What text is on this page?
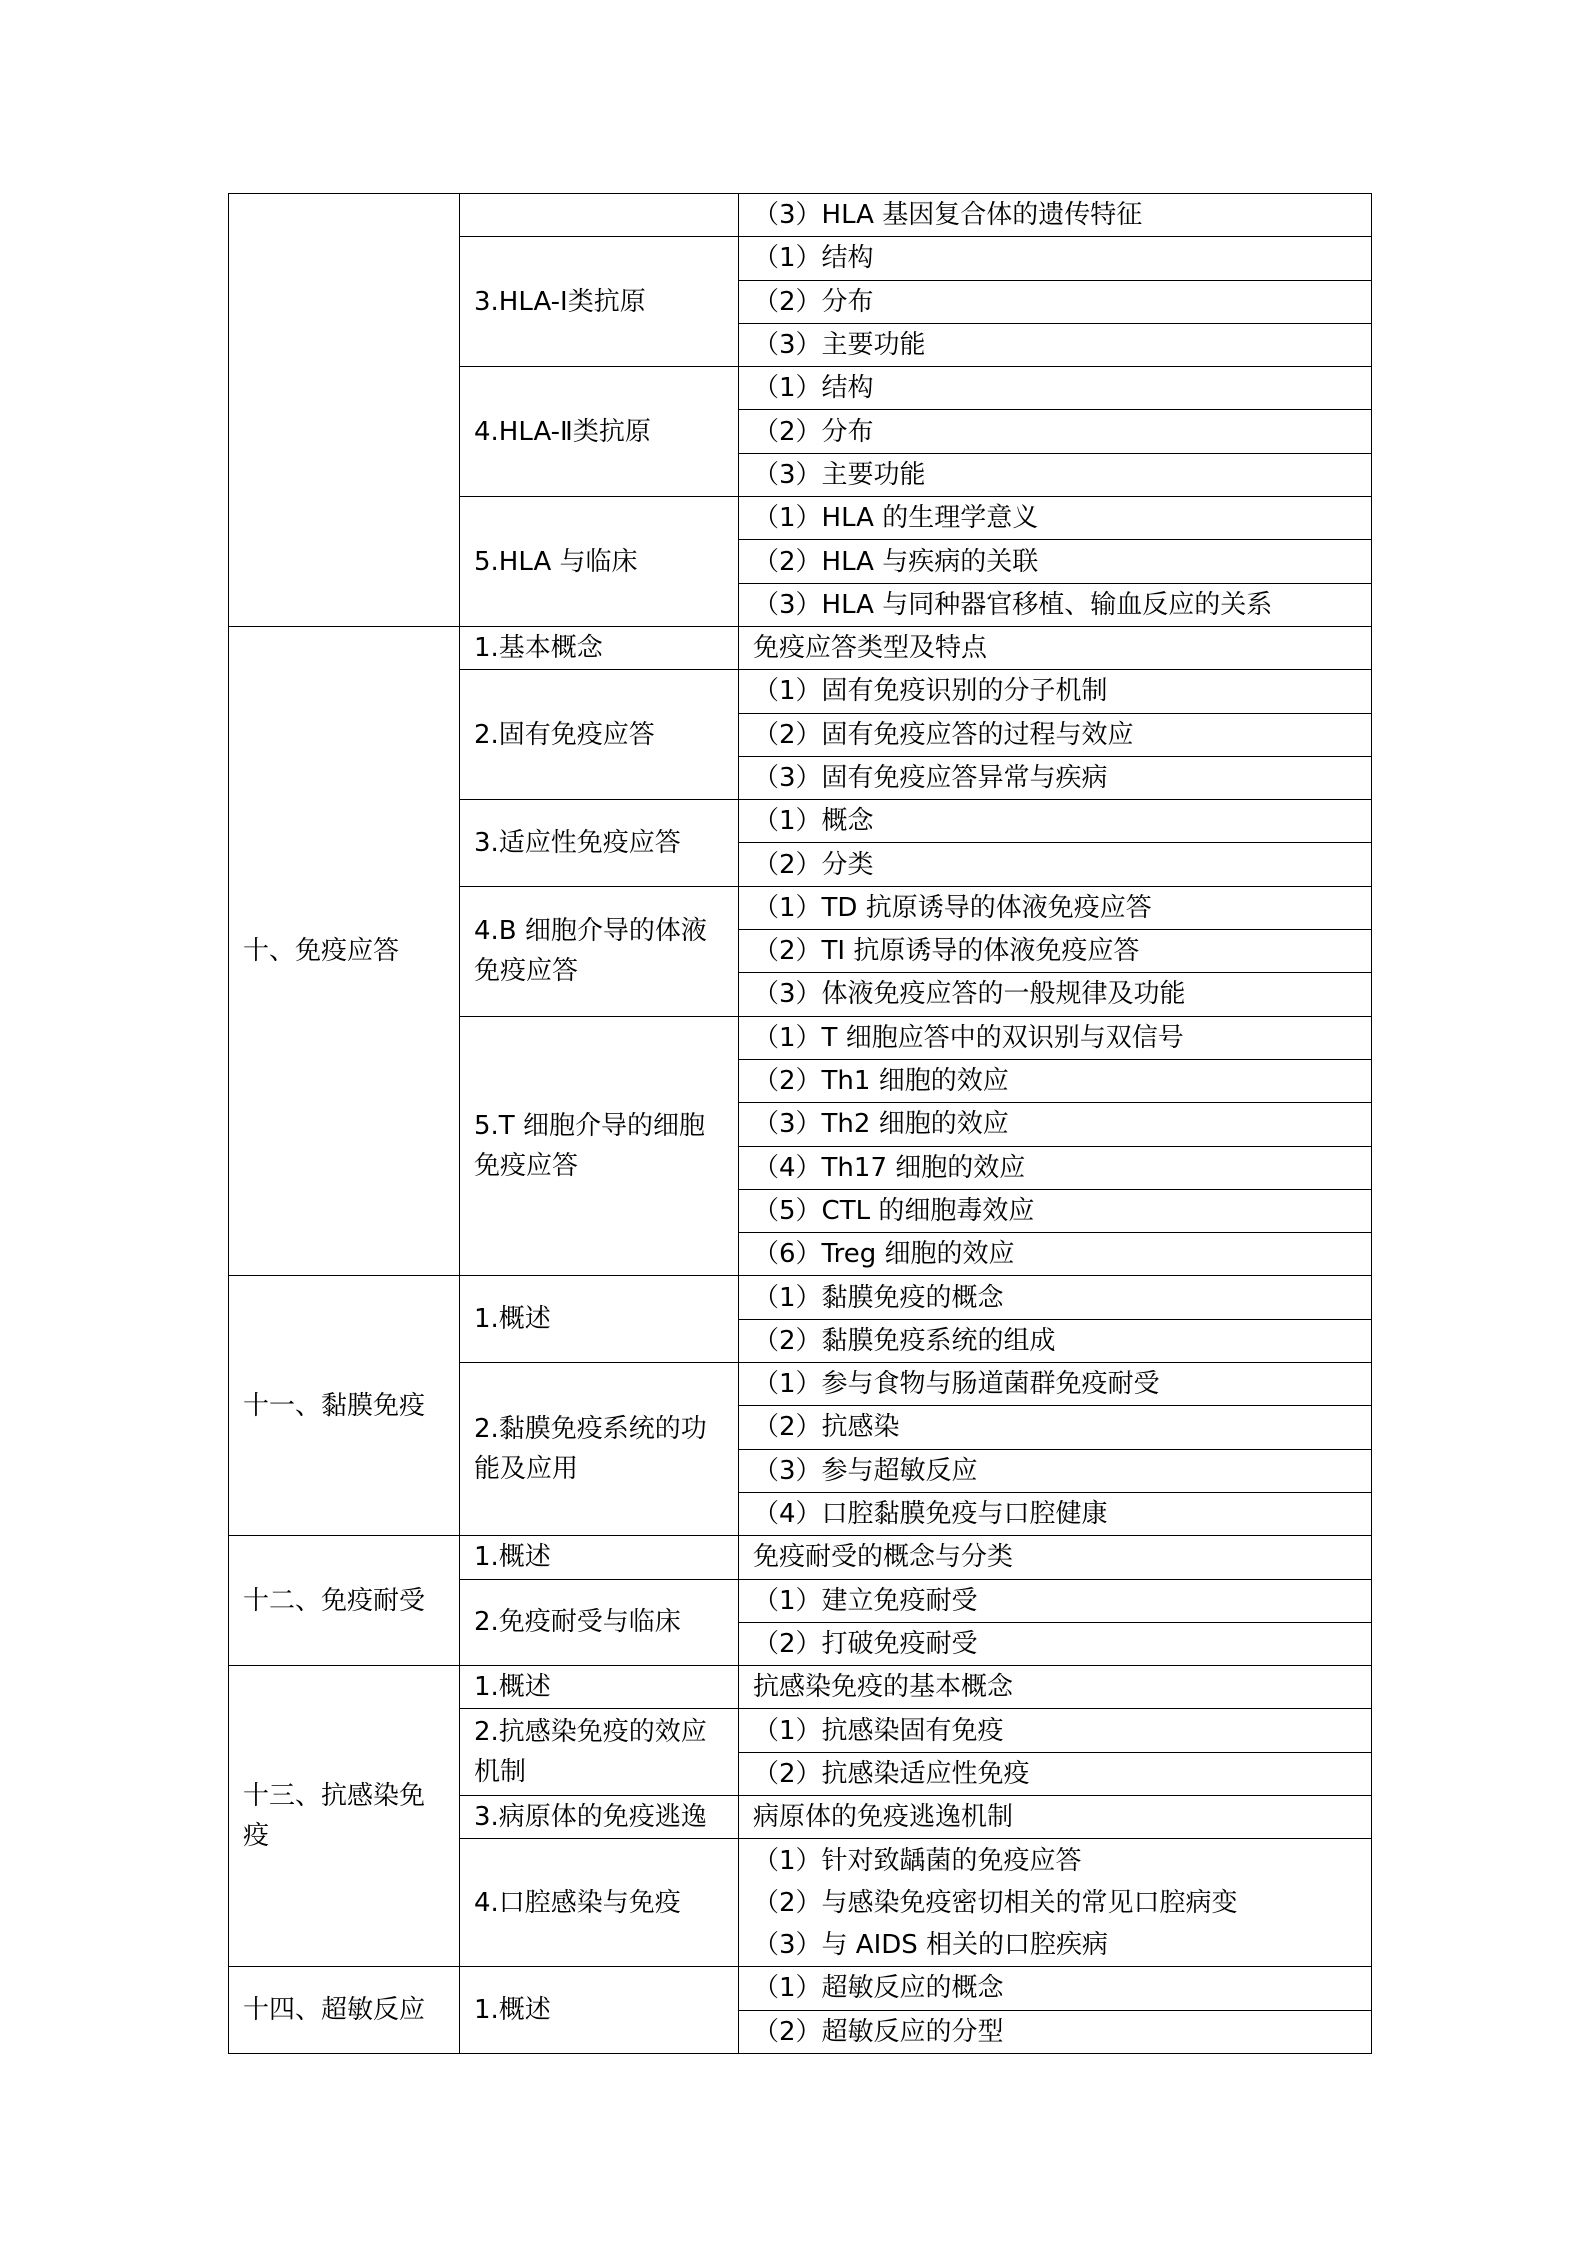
		（3）HLA 基因复合体的遗传特征
	3.HLA-Ⅰ类抗原	（1）结构
		（2）分布
		（3）主要功能
	4.HLA-Ⅱ类抗原	（1）结构
		（2）分布
		（3）主要功能
	5.HLA 与临床	（1）HLA 的生理学意义
		（2）HLA 与疾病的关联
		（3）HLA 与同种器官移植、输血反应的关系
十、免疫应答	1.基本概念	免疫应答类型及特点
	2.固有免疫应答	（1）固有免疫识别的分子机制
		（2）固有免疫应答的过程与效应
		（3）固有免疫应答异常与疾病
	3.适应性免疫应答	（1）概念
		（2）分类
	4.B 细胞介导的体液免疫应答	（1）TD 抗原诱导的体液免疫应答
		（2）TI 抗原诱导的体液免疫应答
		（3）体液免疫应答的一般规律及功能
	5.T 细胞介导的细胞免疫应答	（1）T 细胞应答中的双识别与双信号
		（2）Th1 细胞的效应
		（3）Th2 细胞的效应
		（4）Th17 细胞的效应
		（5）CTL 的细胞毒效应
		（6）Treg 细胞的效应
十一、黏膜免疫	1.概述	（1）黏膜免疫的概念
		（2）黏膜免疫系统的组成
	2.黏膜免疫系统的功能及应用	（1）参与食物与肠道菌群免疫耐受
		（2）抗感染
		（3）参与超敏反应
		（4）口腔黏膜免疫与口腔健康
十二、免疫耐受	1.概述	免疫耐受的概念与分类
	2.免疫耐受与临床	（1）建立免疫耐受
		（2）打破免疫耐受
十三、抗感染免疫	1.概述	抗感染免疫的基本概念
	2.抗感染免疫的效应机制	（1）抗感染固有免疫
		（2）抗感染适应性免疫
	3.病原体的免疫逃逸	病原体的免疫逃逸机制
	4.口腔感染与免疫	（1）针对致龋菌的免疫应答
（2）与感染免疫密切相关的常见口腔病变
（3）与 AIDS 相关的口腔疾病

十四、超敏反应	1.概述	（1）超敏反应的概念
		（2）超敏反应的分型
